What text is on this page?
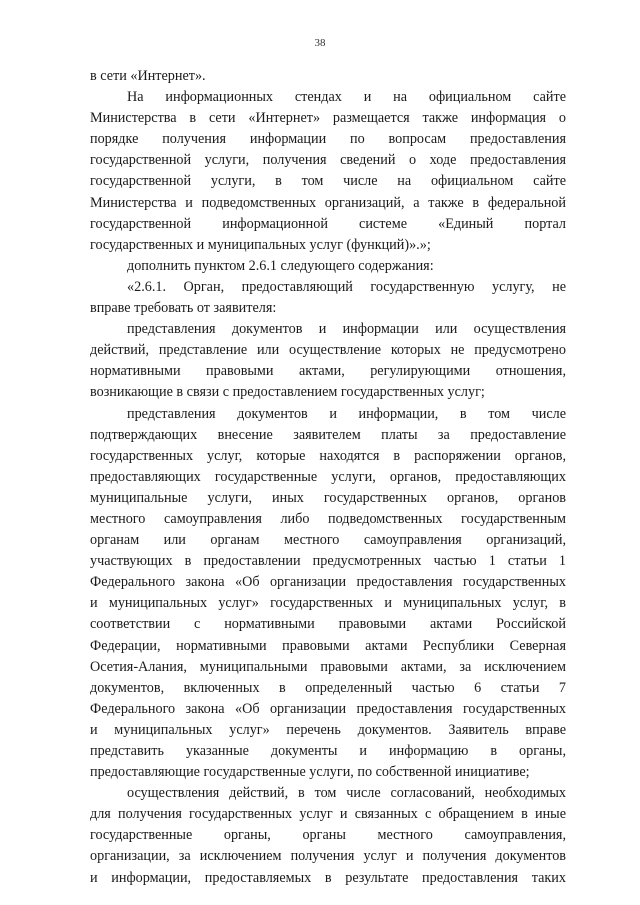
38
в сети «Интернет».
На информационных стендах и на официальном сайте
Министерства в сети «Интернет» размещается также информация о
порядке получения информации по вопросам предоставления
государственной услуги, получения сведений о ходе предоставления
государственной услуги, в том числе на официальном сайте
Министерства и подведомственных организаций, а также в федеральной
государственной информационной системе «Единый портал
государственных и муниципальных услуг (функций)».»;
дополнить пунктом 2.6.1 следующего содержания:
«2.6.1. Орган, предоставляющий государственную услугу, не
вправе требовать от заявителя:
представления документов и информации или осуществления
действий, представление или осуществление которых не предусмотрено
нормативными правовыми актами, регулирующими отношения,
возникающие в связи с предоставлением государственных услуг;
представления документов и информации, в том числе
подтверждающих внесение заявителем платы за предоставление
государственных услуг, которые находятся в распоряжении органов,
предоставляющих государственные услуги, органов, предоставляющих
муниципальные услуги, иных государственных органов, органов
местного самоуправления либо подведомственных государственным
органам или органам местного самоуправления организаций,
участвующих в предоставлении предусмотренных частью 1 статьи 1
Федерального закона «Об организации предоставления государственных
и муниципальных услуг» государственных и муниципальных услуг, в
соответствии с нормативными правовыми актами Российской
Федерации, нормативными правовыми актами Республики Северная
Осетия-Алания, муниципальными правовыми актами, за исключением
документов, включенных в определенный частью 6 статьи 7
Федерального закона «Об организации предоставления государственных
и муниципальных услуг» перечень документов. Заявитель вправе
представить указанные документы и информацию в органы,
предоставляющие государственные услуги, по собственной инициативе;
осуществления действий, в том числе согласований, необходимых
для получения государственных услуг и связанных с обращением в иные
государственные органы, органы местного самоуправления,
организации, за исключением получения услуг и получения документов
и информации, предоставляемых в результате предоставления таких
